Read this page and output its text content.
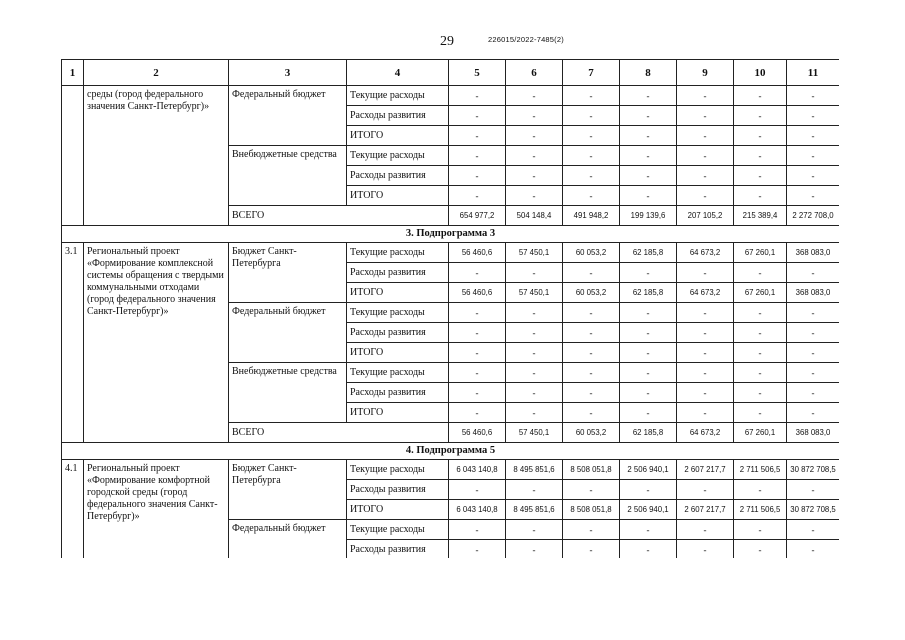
29	226015/2022-7485(2)
1	2	3	4	5	6	7	8	9	10	11
	среды (город федерального значения Санкт-Петербург)»	Федеральный бюджет	Текущие расходы	-	-	-	-	-	-	-
			Расходы развития	-	-	-	-	-	-	-
			ИТОГО	-	-	-	-	-	-	-
		Внебюджетные средства	Текущие расходы	-	-	-	-	-	-	-
			Расходы развития	-	-	-	-	-	-	-
			ИТОГО	-	-	-	-	-	-	-
		ВСЕГО		654 977,2	504 148,4	491 948,2	199 139,6	207 105,2	215 389,4	2 272 708,0
3. Подпрограмма 3										
3.1	Региональный проект «Формирование комплексной системы обращения с твердыми коммунальными отходами (город федерального значения Санкт-Петербург)»	Бюджет Санкт-Петербурга	Текущие расходы	56 460,6	57 450,1	60 053,2	62 185,8	64 673,2	67 260,1	368 083,0
			Расходы развития	-	-	-	-	-	-	-
			ИТОГО	56 460,6	57 450,1	60 053,2	62 185,8	64 673,2	67 260,1	368 083,0
		Федеральный бюджет	Текущие расходы	-	-	-	-	-	-	-
			Расходы развития	-	-	-	-	-	-	-
			ИТОГО	-	-	-	-	-	-	-
		Внебюджетные средства	Текущие расходы	-	-	-	-	-	-	-
			Расходы развития	-	-	-	-	-	-	-
			ИТОГО	-	-	-	-	-	-	-
		ВСЕГО		56 460,6	57 450,1	60 053,2	62 185,8	64 673,2	67 260,1	368 083,0
4. Подпрограмма 5										
4.1	Региональный проект «Формирование комфортной городской среды (город федерального значения Санкт-Петербург)»	Бюджет Санкт-Петербурга	Текущие расходы	6 043 140,8	8 495 851,6	8 508 051,8	2 506 940,1	2 607 217,7	2 711 506,5	30 872 708,5
			Расходы развития	-	-	-	-	-	-	-
			ИТОГО	6 043 140,8	8 495 851,6	8 508 051,8	2 506 940,1	2 607 217,7	2 711 506,5	30 872 708,5
		Федеральный бюджет	Текущие расходы	-	-	-	-	-	-	-
			Расходы развития	-	-	-	-	-	-	-
